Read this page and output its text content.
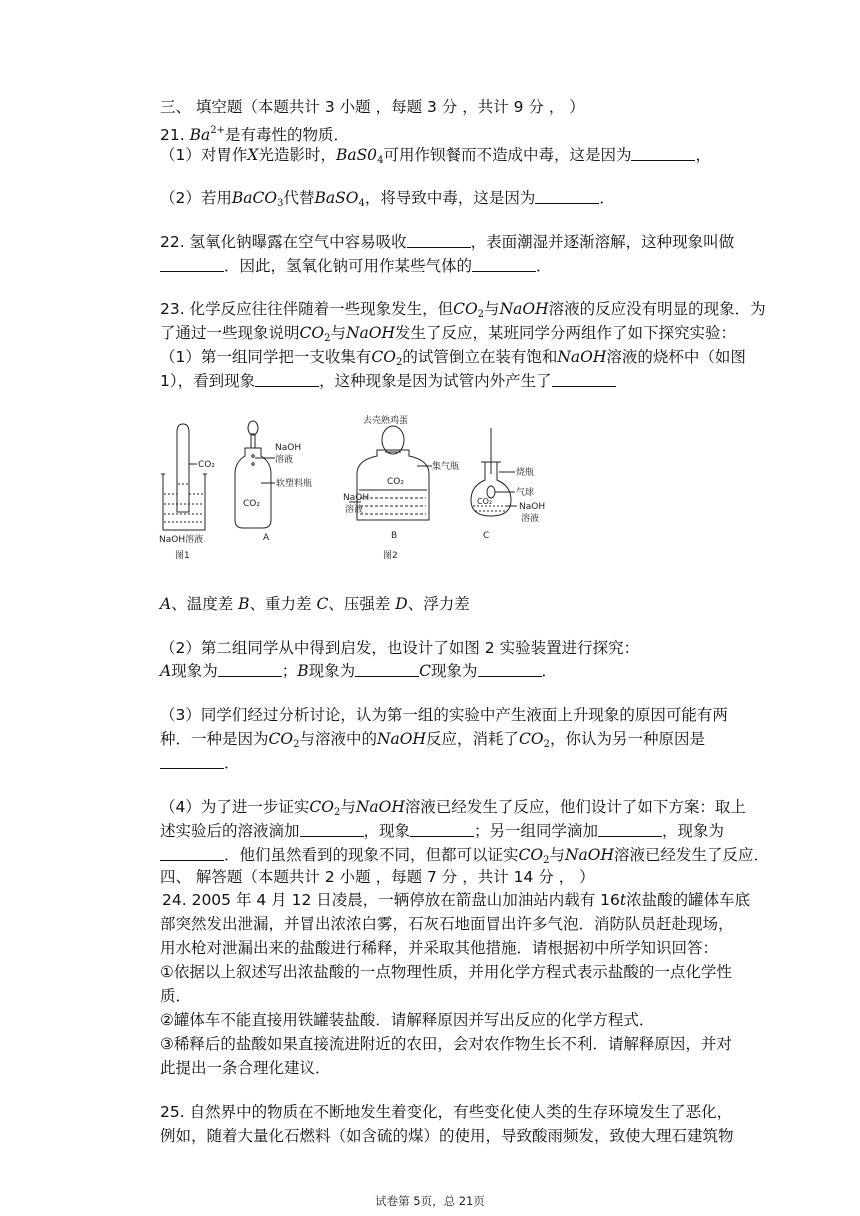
三、 填空题（本题共计 3 小题 ，每题 3 分 ，共计 9 分 ， ）
21. $Ba^{2+}$是有毒性的物质．
（1）对胃作X光造影时，$BaS0_4$可用作钡餐而不造成中毒，这是因为	，
（2）若用BaCO$_3$代替BaSO$_4$，将导致中毒，这是因为	．
22. 氢氧化钠曝露在空气中容易吸收	，表面潮湿并逐渐溶解，这种现象叫做
．因此，氢氧化钠可用作某些气体的	．
23. 化学反应往往伴随着一些现象发生，但$CO_2$与NaOH溶液的反应没有明显的现象．为
了通过一些现象说明$CO_2$与NaOH发生了反应，某班同学分两组作了如下探究实验：
（1）第一组同学把一支收集有$CO_2$的试管倒立在装有饱和NaOH溶液的烧杯中（如图
1），看到现象	，这种现象是因为试管内外产生了
CO₂
NaOH溶液
图1
NaOH
溶液
软塑料瓶
CO₂
A
去壳熟鸡蛋
集气瓶
CO₂
NaOH
溶液
B
图2
烧瓶
气球
NaOH
溶液
CO₂
C
A、温度差 B、重力差 C、压强差 D、浮力差
（2）第二组同学从中得到启发，也设计了如图 2 实验装置进行探究：
A现象为	；B现象为	C现象为	．
（3）同学们经过分析讨论，认为第一组的实验中产生液面上升现象的原因可能有两
种．一种是因为$CO_2$与溶液中的NaOH反应，消耗了$CO_2$，你认为另一种原因是
．
（4）为了进一步证实$CO_2$与NaOH溶液已经发生了反应，他们设计了如下方案：取上
述实验后的溶液滴加	，现象	；另一组同学滴加	，现象为
．他们虽然看到的现象不同，但都可以证实$CO_2$与NaOH溶液已经发生了反应．
四、 解答题（本题共计 2 小题 ，每题 7 分 ，共计 14 分 ， ）
24. 2005 年 4 月 12 日凌晨，一辆停放在箭盘山加油站内载有 16t浓盐酸的罐体车底
部突然发出泄漏，并冒出浓浓白雾，石灰石地面冒出许多气泡．消防队员赶赴现场，
用水枪对泄漏出来的盐酸进行稀释，并采取其他措施．请根据初中所学知识回答：
①依据以上叙述写出浓盐酸的一点物理性质，并用化学方程式表示盐酸的一点化学性
质．
②罐体车不能直接用铁罐装盐酸．请解释原因并写出反应的化学方程式．
③稀释后的盐酸如果直接流进附近的农田，会对农作物生长不利．请解释原因，并对
此提出一条合理化建议．
25. 自然界中的物质在不断地发生着变化，有些变化使人类的生存环境发生了恶化，
例如，随着大量化石燃料（如含硫的煤）的使用，导致酸雨频发，致使大理石建筑物
试卷第 5页，总 21页
